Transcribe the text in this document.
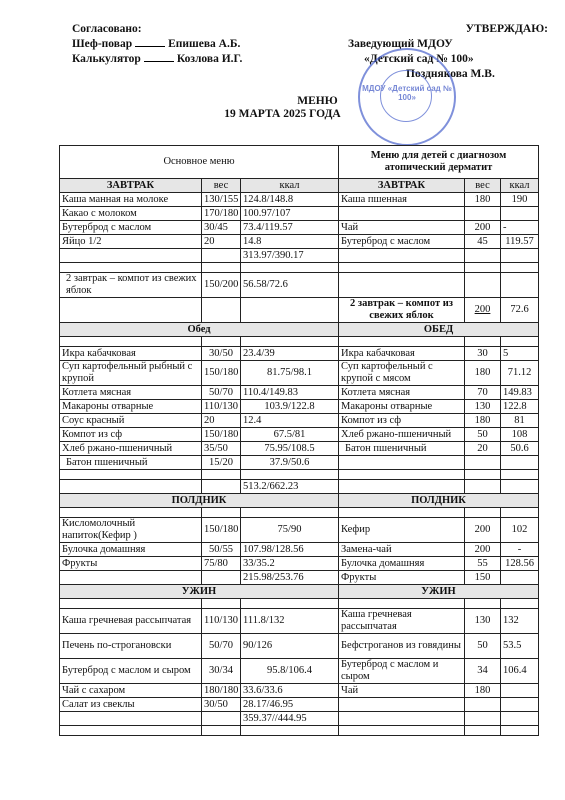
Согласовано:
Шеф-повар	Епишева А.Б.
Калькулятор	Козлова И.Г.
УТВЕРЖДАЮ:
Заведующий МДОУ
«Детский сад № 100»
Позднякова М.В.
МДОУ «Детский сад № 100»
МЕНЮ
19 МАРТА 2025 ГОДА
Основное меню			Меню для детей с диагнозом атопический дерматит		
ЗАВТРАК	вес	ккал	ЗАВТРАК	вес	ккал
Каша манная на молоке	130/155	124.8/148.8	Каша пшенная	180	190
Какао с молоком	170/180	100.97/107			
Бутерброд с маслом	30/45	73.4/119.57	Чай	200	-
Яйцо 1/2	20	14.8	Бутерброд с маслом	45	119.57
		313.97/390.17			

2 завтрак – компот из свежих яблок	150/200	56.58/72.6			
			2 завтрак – компот из свежих яблок	200	72.6
Обед			ОБЕД		

Икра кабачковая	30/50	23.4/39	Икра кабачковая	30	5
Суп картофельный рыбный с крупой	150/180	81.75/98.1	Суп картофельный с крупой с мясом	180	71.12
Котлета мясная	50/70	110.4/149.83	Котлета мясная	70	149.83
Макароны отварные	110/130	103.9/122.8	Макароны отварные	130	122.8
Соус красный	20	12.4	Компот из сф	180	81
Компот из сф	150/180	67.5/81	Хлеб ржано-пшеничный	50	108
Хлеб ржано-пшеничный	35/50	75.95/108.5	Батон пшеничный	20	50.6
Батон пшеничный	15/20	37.9/50.6			

		513.2/662.23			
ПОЛДНИК			ПОЛДНИК		

Кисломолочный напиток(Кефир )	150/180	75/90	Кефир	200	102
Булочка домашняя	50/55	107.98/128.56	Замена-чай	200	-
Фрукты	75/80	33/35.2	Булочка домашняя	55	128.56
		215.98/253.76	Фрукты	150	
УЖИН			УЖИН		

Каша гречневая рассыпчатая	110/130	111.8/132	Каша гречневая рассыпчатая	130	132
Печень по-строгановски	50/70	90/126	Бефстроганов из говядины	50	53.5
Бутерброд с маслом и сыром	30/34	95.8/106.4	Бутерброд с маслом и сыром	34	106.4
Чай с сахаром	180/180	33.6/33.6	Чай	180	
Салат из свеклы	30/50	28.17/46.95			
		359.37//444.95			
